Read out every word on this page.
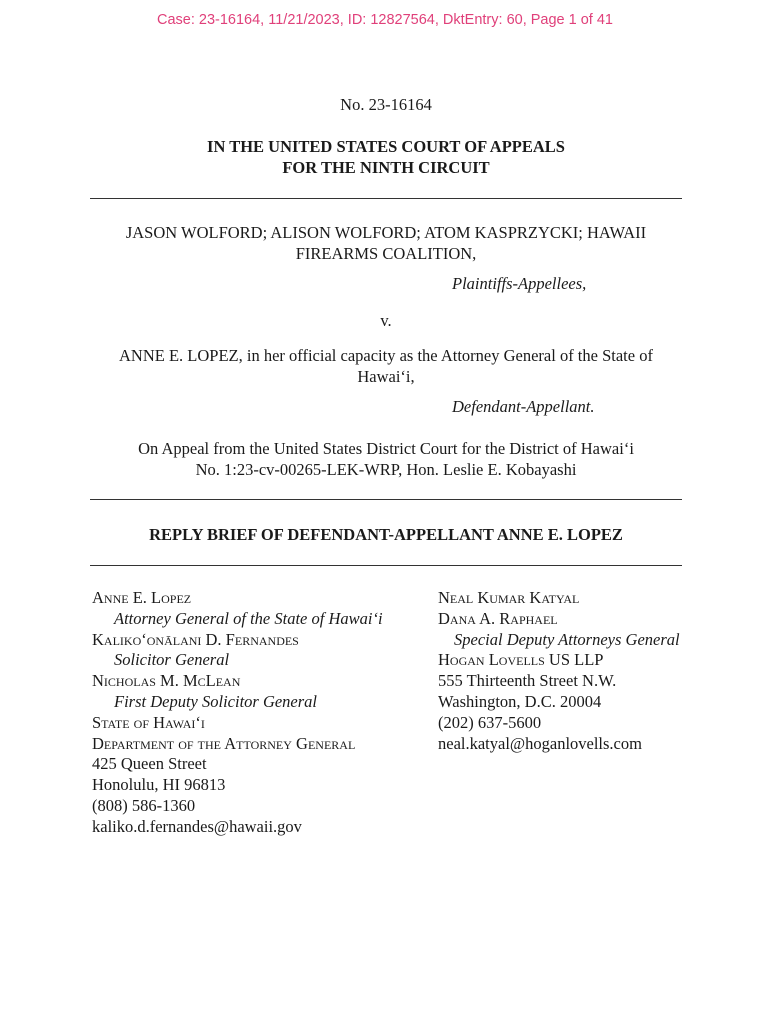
Case: 23-16164, 11/21/2023, ID: 12827564, DktEntry: 60, Page 1 of 41
No. 23-16164
IN THE UNITED STATES COURT OF APPEALS
FOR THE NINTH CIRCUIT
JASON WOLFORD; ALISON WOLFORD; ATOM KASPRZYCKI; HAWAII
FIREARMS COALITION,
Plaintiffs-Appellees,
v.
ANNE E. LOPEZ, in her official capacity as the Attorney General of the State of
Hawai‘i,
Defendant-Appellant.
On Appeal from the United States District Court for the District of Hawai‘i
No. 1:23-cv-00265-LEK-WRP, Hon. Leslie E. Kobayashi
REPLY BRIEF OF DEFENDANT-APPELLANT ANNE E. LOPEZ
Anne E. Lopez
Attorney General of the State of Hawai‘i
Kaliko‘onālani D. Fernandes
Solicitor General
Nicholas M. McLean
First Deputy Solicitor General
State of Hawai‘i
Department of the Attorney General
425 Queen Street
Honolulu, HI 96813
(808) 586-1360
kaliko.d.fernandes@hawaii.gov
Neal Kumar Katyal
Dana A. Raphael
Special Deputy Attorneys General
Hogan Lovells US LLP
555 Thirteenth Street N.W.
Washington, D.C. 20004
(202) 637-5600
neal.katyal@hoganlovells.com
